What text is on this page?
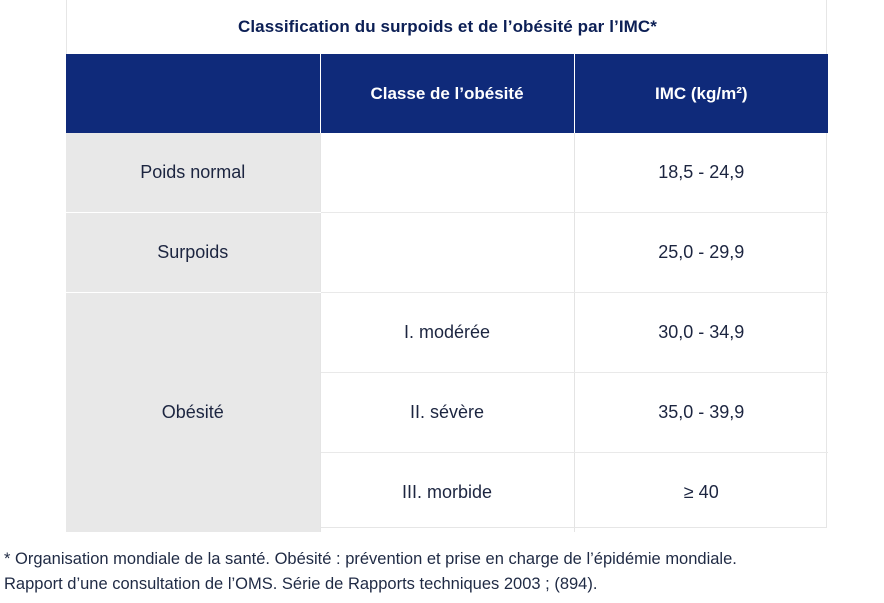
Classification du surpoids et de l’obésité par l’IMC*
	Classe de l’obésité	IMC (kg/m²)
Poids normal		18,5 - 24,9
Surpoids		25,0 - 29,9
Obésité	I. modérée	30,0 - 34,9
	II. sévère	35,0 - 39,9
	III. morbide	≥ 40
* Organisation mondiale de la santé. Obésité : prévention et prise en charge de l’épidémie mondiale.
Rapport d’une consultation de l’OMS. Série de Rapports techniques 2003 ; (894).
